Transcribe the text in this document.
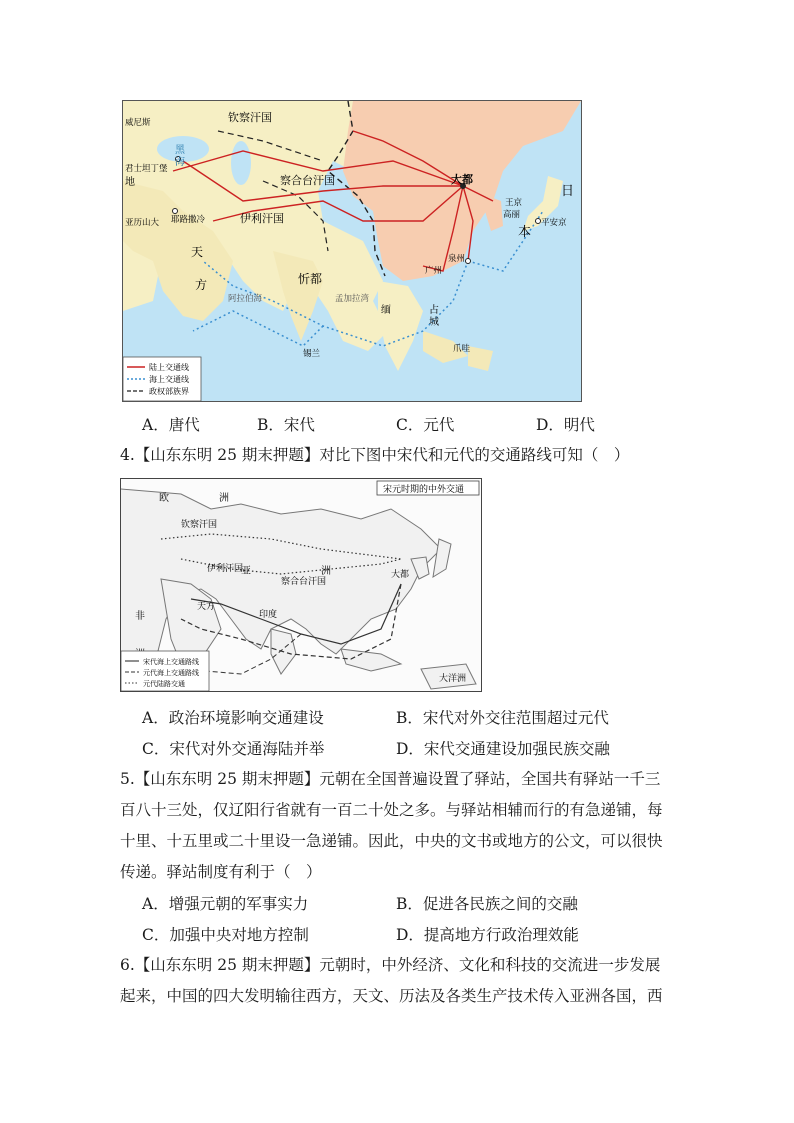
钦察汗国
威尼斯
君士坦丁堡
地
黑
海
察合台汗国
伊利汗国
耶路撒冷
亚历山大
天
方	忻都
大都
王京
高丽
平安京
日
本
泉州
广州
阿拉伯海	孟加拉湾
缅	占
城
爪哇
锡兰
陆上交通线
海上交通线
政权部族界
A．唐代	B．宋代	C．元代	D．明代
4.【山东东明 25 期末押题】对比下图中宋代和元代的交通路线可知（　）
宋元时期的中外交通
欧	洲
钦察汗国
亚	洲
察合台汗国
伊利汗国
天方
非	印度
大都
大洋洲
宋代海上交通路线
元代海上交通路线
元代陆路交通
A．政治环境影响交通建设	B．宋代对外交往范围超过元代
C．宋代对外交通海陆并举	D．宋代交通建设加强民族交融
5.【山东东明 25 期末押题】元朝在全国普遍设置了驿站，全国共有驿站一千三
百八十三处，仅辽阳行省就有一百二十处之多。与驿站相辅而行的有急递铺，每
十里、十五里或二十里设一急递铺。因此，中央的文书或地方的公文，可以很快
传递。驿站制度有利于（　）
A．增强元朝的军事实力	B．促进各民族之间的交融
C．加强中央对地方控制	D．提高地方行政治理效能
6.【山东东明 25 期末押题】元朝时，中外经济、文化和科技的交流进一步发展
起来，中国的四大发明输往西方，天文、历法及各类生产技术传入亚洲各国，西
